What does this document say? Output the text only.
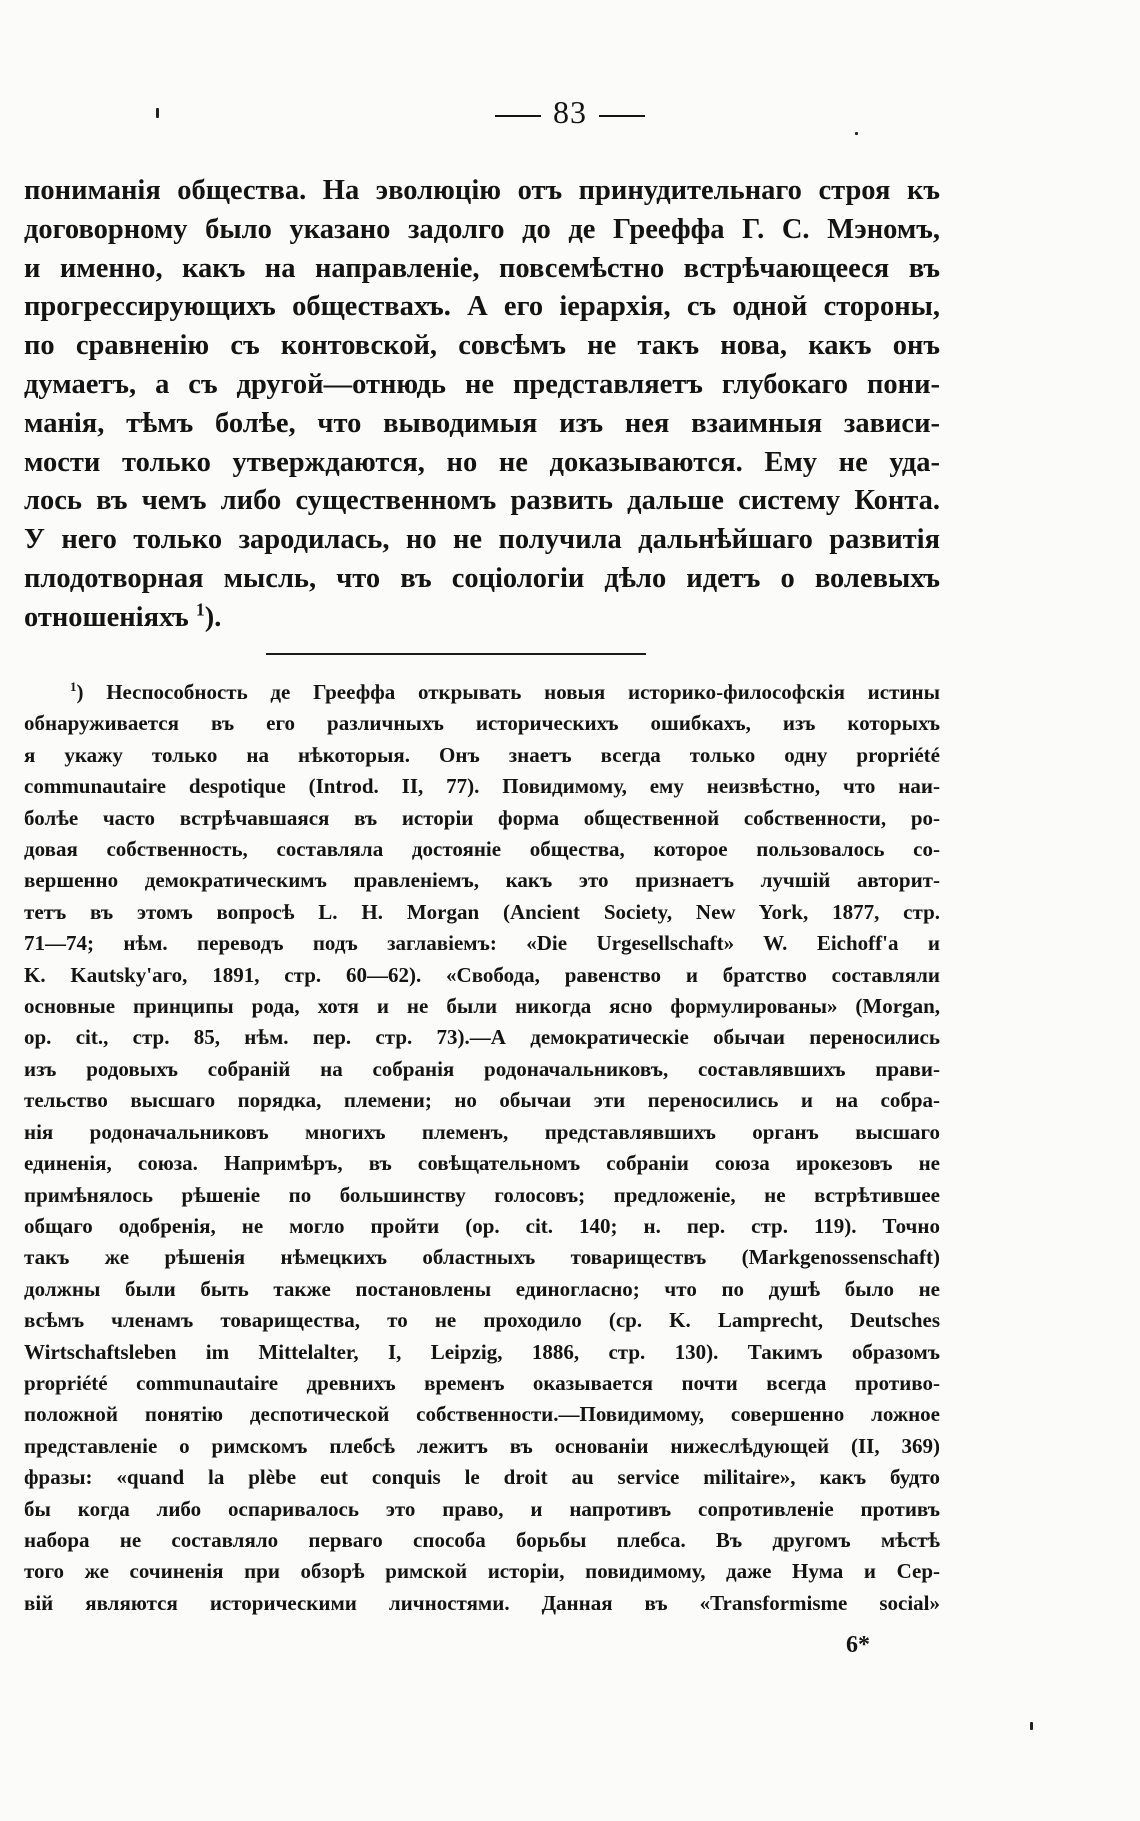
83
пониманія общества. На эволюцію отъ принудительнаго строя къ
договорному было указано задолго до де Грееффа Г. С. Мэномъ,
и именно, какъ на направленіе, повсемѣстно встрѣчающееся въ
прогрессирующихъ обществахъ. А его іерархія, съ одной стороны,
по сравненію съ контовской, совсѣмъ не такъ нова, какъ онъ
думаетъ, а съ другой—отнюдь не представляетъ глубокаго пони-
манія, тѣмъ болѣе, что выводимыя изъ нея взаимныя зависи-
мости только утверждаются, но не доказываются. Ему не уда-
лось въ чемъ либо существенномъ развить дальше систему Конта.
У него только зародилась, но не получила дальнѣйшаго развитія
плодотворная мысль, что въ соціологіи дѣло идетъ о волевыхъ
отношеніяхъ $^1$).
$^1$) Неспособность де Грееффа открывать новыя историко-философскія истины
обнаруживается въ его различныхъ историческихъ ошибкахъ, изъ которыхъ
я укажу только на нѣкоторыя. Онъ знаетъ всегда только одну propriété
communautaire despotique (Introd. II, 77). Повидимому, ему неизвѣстно, что наи-
болѣе часто встрѣчавшаяся въ исторіи форма общественной собственности, ро-
довая собственность, составляла достояніе общества, которое пользовалось со-
вершенно демократическимъ правленіемъ, какъ это признаетъ лучшій авторит-
тетъ въ этомъ вопросѣ L. H. Morgan (Ancient Society, New York, 1877, стр.
71—74; нѣм. переводъ подъ заглавіемъ: «Die Urgesellschaft» W. Eichoff'a и
K. Kautsky'аго, 1891, стр. 60—62). «Свобода, равенство и братство составляли
основные принципы рода, хотя и не были никогда ясно формулированы» (Morgan,
op. cit., стр. 85, нѣм. пер. стр. 73).—А демократическіе обычаи переносились
изъ родовыхъ собраній на собранія родоначальниковъ, составлявшихъ прави-
тельство высшаго порядка, племени; но обычаи эти переносились и на собра-
нія родоначальниковъ многихъ племенъ, представлявшихъ органъ высшаго
единенія, союза. Напримѣръ, въ совѣщательномъ собраніи союза ирокезовъ не
примѣнялось рѣшеніе по большинству голосовъ; предложеніе, не встрѣтившее
общаго одобренія, не могло пройти (op. cit. 140; н. пер. стр. 119). Точно
такъ же рѣшенія нѣмецкихъ областныхъ товариществъ (Markgenossenschaft)
должны были быть также постановлены единогласно; что по душѣ было не
всѣмъ членамъ товарищества, то не проходило (ср. K. Lamprecht, Deutsches
Wirtschaftsleben im Mittelalter, I, Leipzig, 1886, стр. 130). Такимъ образомъ
propriété communautaire древнихъ временъ оказывается почти всегда противо-
положной понятію деспотической собственности.—Повидимому, совершенно ложное
представленіе о римскомъ плебсѣ лежитъ въ основаніи нижеслѣдующей (II, 369)
фразы: «quand la plèbe eut conquis le droit au service militaire», какъ будто
бы когда либо оспаривалось это право, и напротивъ сопротивленіе противъ
набора не составляло перваго способа борьбы плебса. Въ другомъ мѣстѣ
того же сочиненія при обзорѣ римской исторіи, повидимому, даже Нума и Сер-
вій являются историческими личностями. Данная въ «Transformisme social»
6*
